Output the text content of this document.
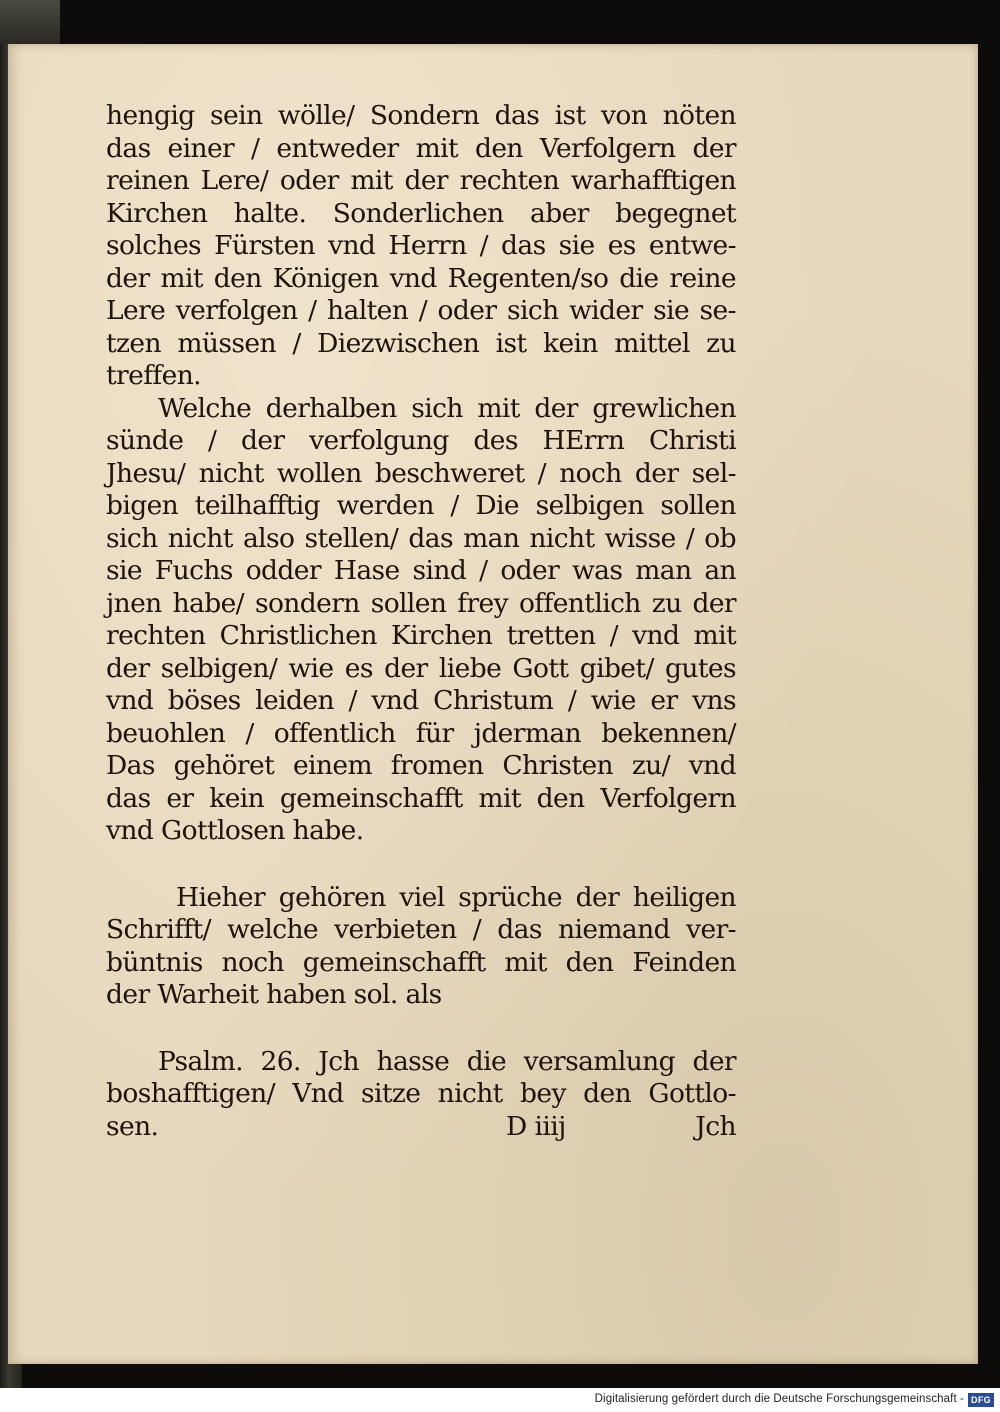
hengig sein wölle/ Sondern das ist von nöten
das einer / entweder mit den Verfolgern der
reinen Lere/ oder mit der rechten warhafftigen
Kirchen halte. Sonderlichen aber begegnet
solches Fürsten vnd Herrn / das sie es entwe-
der mit den Königen vnd Regenten/so die reine
Lere verfolgen / halten / oder sich wider sie se-
tzen müssen / Diezwischen ist kein mittel zu
treffen.
Welche derhalben sich mit der grewlichen
sünde / der verfolgung des HErrn Christi
Jhesu/ nicht wollen beschweret / noch der sel-
bigen teilhafftig werden / Die selbigen sollen
sich nicht also stellen/ das man nicht wisse / ob
sie Fuchs odder Hase sind / oder was man an
jnen habe/ sondern sollen frey offentlich zu der
rechten Christlichen Kirchen tretten / vnd mit
der selbigen/ wie es der liebe Gott gibet/ gutes
vnd böses leiden / vnd Christum / wie er vns
beuohlen / offentlich für jderman bekennen/
Das gehöret einem fromen Christen zu/ vnd
das er kein gemeinschafft mit den Verfolgern
vnd Gottlosen habe.
Hieher gehören viel sprüche der heiligen
Schrifft/ welche verbieten / das niemand ver-
büntnis noch gemeinschafft mit den Feinden
der Warheit haben sol. als
Psalm. 26. Jch hasse die versamlung der
boshafftigen/ Vnd sitze nicht bey den Gottlo-
sen.	D iiij	Jch
Digitalisierung gefördert durch die Deutsche Forschungsgemeinschaft - DFG
